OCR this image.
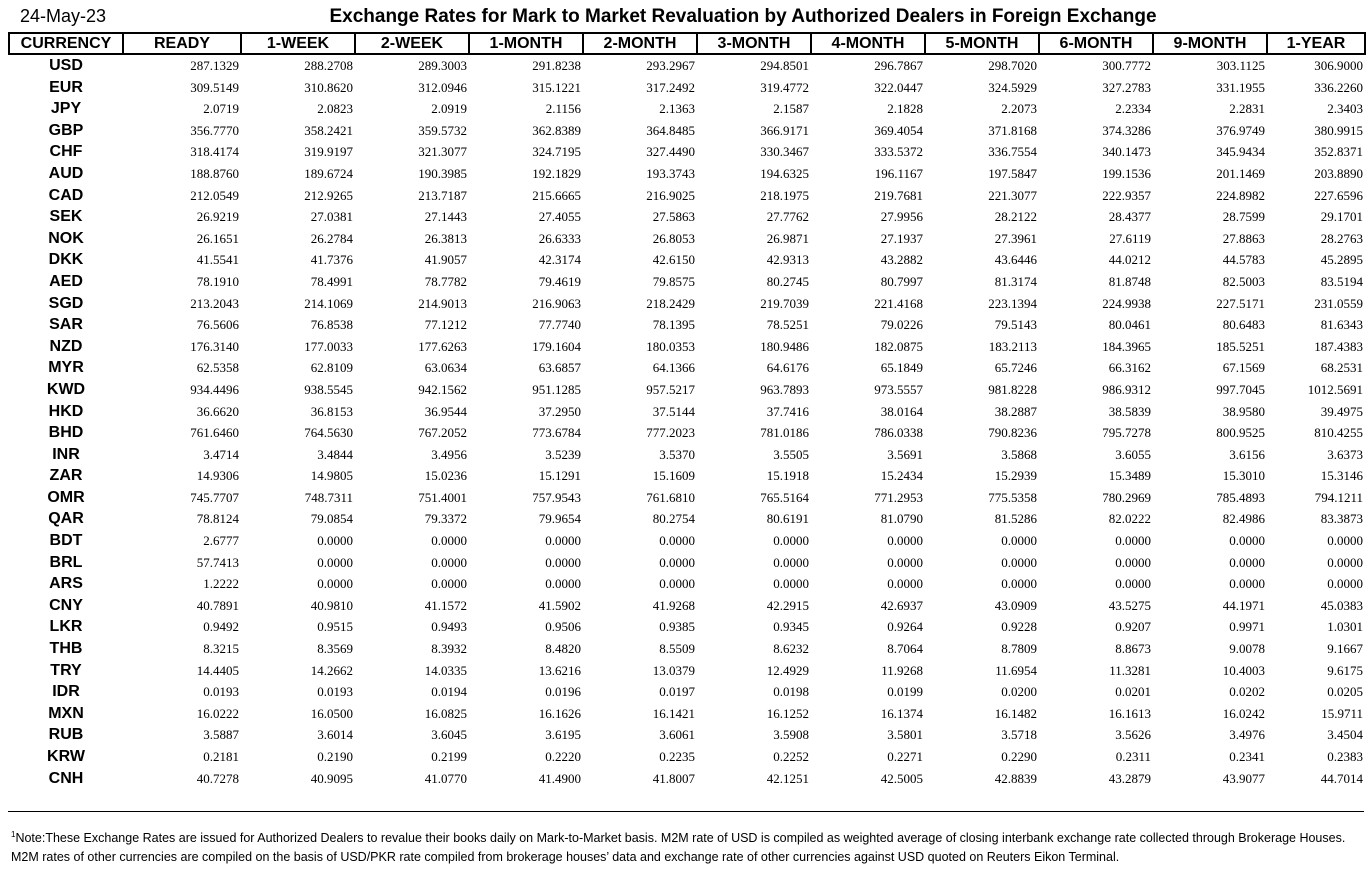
24-May-23	Exchange Rates for Mark to Market Revaluation by Authorized Dealers in Foreign Exchange
CURRENCY	READY	1-WEEK	2-WEEK	1-MONTH	2-MONTH	3-MONTH	4-MONTH	5-MONTH	6-MONTH	9-MONTH	1-YEAR
USD	287.1329	288.2708	289.3003	291.8238	293.2967	294.8501	296.7867	298.7020	300.7772	303.1125	306.9000
EUR	309.5149	310.8620	312.0946	315.1221	317.2492	319.4772	322.0447	324.5929	327.2783	331.1955	336.2260
JPY	2.0719	2.0823	2.0919	2.1156	2.1363	2.1587	2.1828	2.2073	2.2334	2.2831	2.3403
GBP	356.7770	358.2421	359.5732	362.8389	364.8485	366.9171	369.4054	371.8168	374.3286	376.9749	380.9915
CHF	318.4174	319.9197	321.3077	324.7195	327.4490	330.3467	333.5372	336.7554	340.1473	345.9434	352.8371
AUD	188.8760	189.6724	190.3985	192.1829	193.3743	194.6325	196.1167	197.5847	199.1536	201.1469	203.8890
CAD	212.0549	212.9265	213.7187	215.6665	216.9025	218.1975	219.7681	221.3077	222.9357	224.8982	227.6596
SEK	26.9219	27.0381	27.1443	27.4055	27.5863	27.7762	27.9956	28.2122	28.4377	28.7599	29.1701
NOK	26.1651	26.2784	26.3813	26.6333	26.8053	26.9871	27.1937	27.3961	27.6119	27.8863	28.2763
DKK	41.5541	41.7376	41.9057	42.3174	42.6150	42.9313	43.2882	43.6446	44.0212	44.5783	45.2895
AED	78.1910	78.4991	78.7782	79.4619	79.8575	80.2745	80.7997	81.3174	81.8748	82.5003	83.5194
SGD	213.2043	214.1069	214.9013	216.9063	218.2429	219.7039	221.4168	223.1394	224.9938	227.5171	231.0559
SAR	76.5606	76.8538	77.1212	77.7740	78.1395	78.5251	79.0226	79.5143	80.0461	80.6483	81.6343
NZD	176.3140	177.0033	177.6263	179.1604	180.0353	180.9486	182.0875	183.2113	184.3965	185.5251	187.4383
MYR	62.5358	62.8109	63.0634	63.6857	64.1366	64.6176	65.1849	65.7246	66.3162	67.1569	68.2531
KWD	934.4496	938.5545	942.1562	951.1285	957.5217	963.7893	973.5557	981.8228	986.9312	997.7045	1012.5691
HKD	36.6620	36.8153	36.9544	37.2950	37.5144	37.7416	38.0164	38.2887	38.5839	38.9580	39.4975
BHD	761.6460	764.5630	767.2052	773.6784	777.2023	781.0186	786.0338	790.8236	795.7278	800.9525	810.4255
INR	3.4714	3.4844	3.4956	3.5239	3.5370	3.5505	3.5691	3.5868	3.6055	3.6156	3.6373
ZAR	14.9306	14.9805	15.0236	15.1291	15.1609	15.1918	15.2434	15.2939	15.3489	15.3010	15.3146
OMR	745.7707	748.7311	751.4001	757.9543	761.6810	765.5164	771.2953	775.5358	780.2969	785.4893	794.1211
QAR	78.8124	79.0854	79.3372	79.9654	80.2754	80.6191	81.0790	81.5286	82.0222	82.4986	83.3873
BDT	2.6777	0.0000	0.0000	0.0000	0.0000	0.0000	0.0000	0.0000	0.0000	0.0000	0.0000
BRL	57.7413	0.0000	0.0000	0.0000	0.0000	0.0000	0.0000	0.0000	0.0000	0.0000	0.0000
ARS	1.2222	0.0000	0.0000	0.0000	0.0000	0.0000	0.0000	0.0000	0.0000	0.0000	0.0000
CNY	40.7891	40.9810	41.1572	41.5902	41.9268	42.2915	42.6937	43.0909	43.5275	44.1971	45.0383
LKR	0.9492	0.9515	0.9493	0.9506	0.9385	0.9345	0.9264	0.9228	0.9207	0.9971	1.0301
THB	8.3215	8.3569	8.3932	8.4820	8.5509	8.6232	8.7064	8.7809	8.8673	9.0078	9.1667
TRY	14.4405	14.2662	14.0335	13.6216	13.0379	12.4929	11.9268	11.6954	11.3281	10.4003	9.6175
IDR	0.0193	0.0193	0.0194	0.0196	0.0197	0.0198	0.0199	0.0200	0.0201	0.0202	0.0205
MXN	16.0222	16.0500	16.0825	16.1626	16.1421	16.1252	16.1374	16.1482	16.1613	16.0242	15.9711
RUB	3.5887	3.6014	3.6045	3.6195	3.6061	3.5908	3.5801	3.5718	3.5626	3.4976	3.4504
KRW	0.2181	0.2190	0.2199	0.2220	0.2235	0.2252	0.2271	0.2290	0.2311	0.2341	0.2383
CNH	40.7278	40.9095	41.0770	41.4900	41.8007	42.1251	42.5005	42.8839	43.2879	43.9077	44.7014
$^1$Note:These Exchange Rates are issued for Authorized Dealers to revalue their books daily on Mark-to-Market basis. M2M rate of USD is compiled as weighted average of closing interbank exchange rate collected through Brokerage Houses. M2M rates of other currencies are compiled on the basis of USD/PKR rate compiled from brokerage houses’ data and exchange rate of other currencies against USD quoted on Reuters Eikon Terminal.
